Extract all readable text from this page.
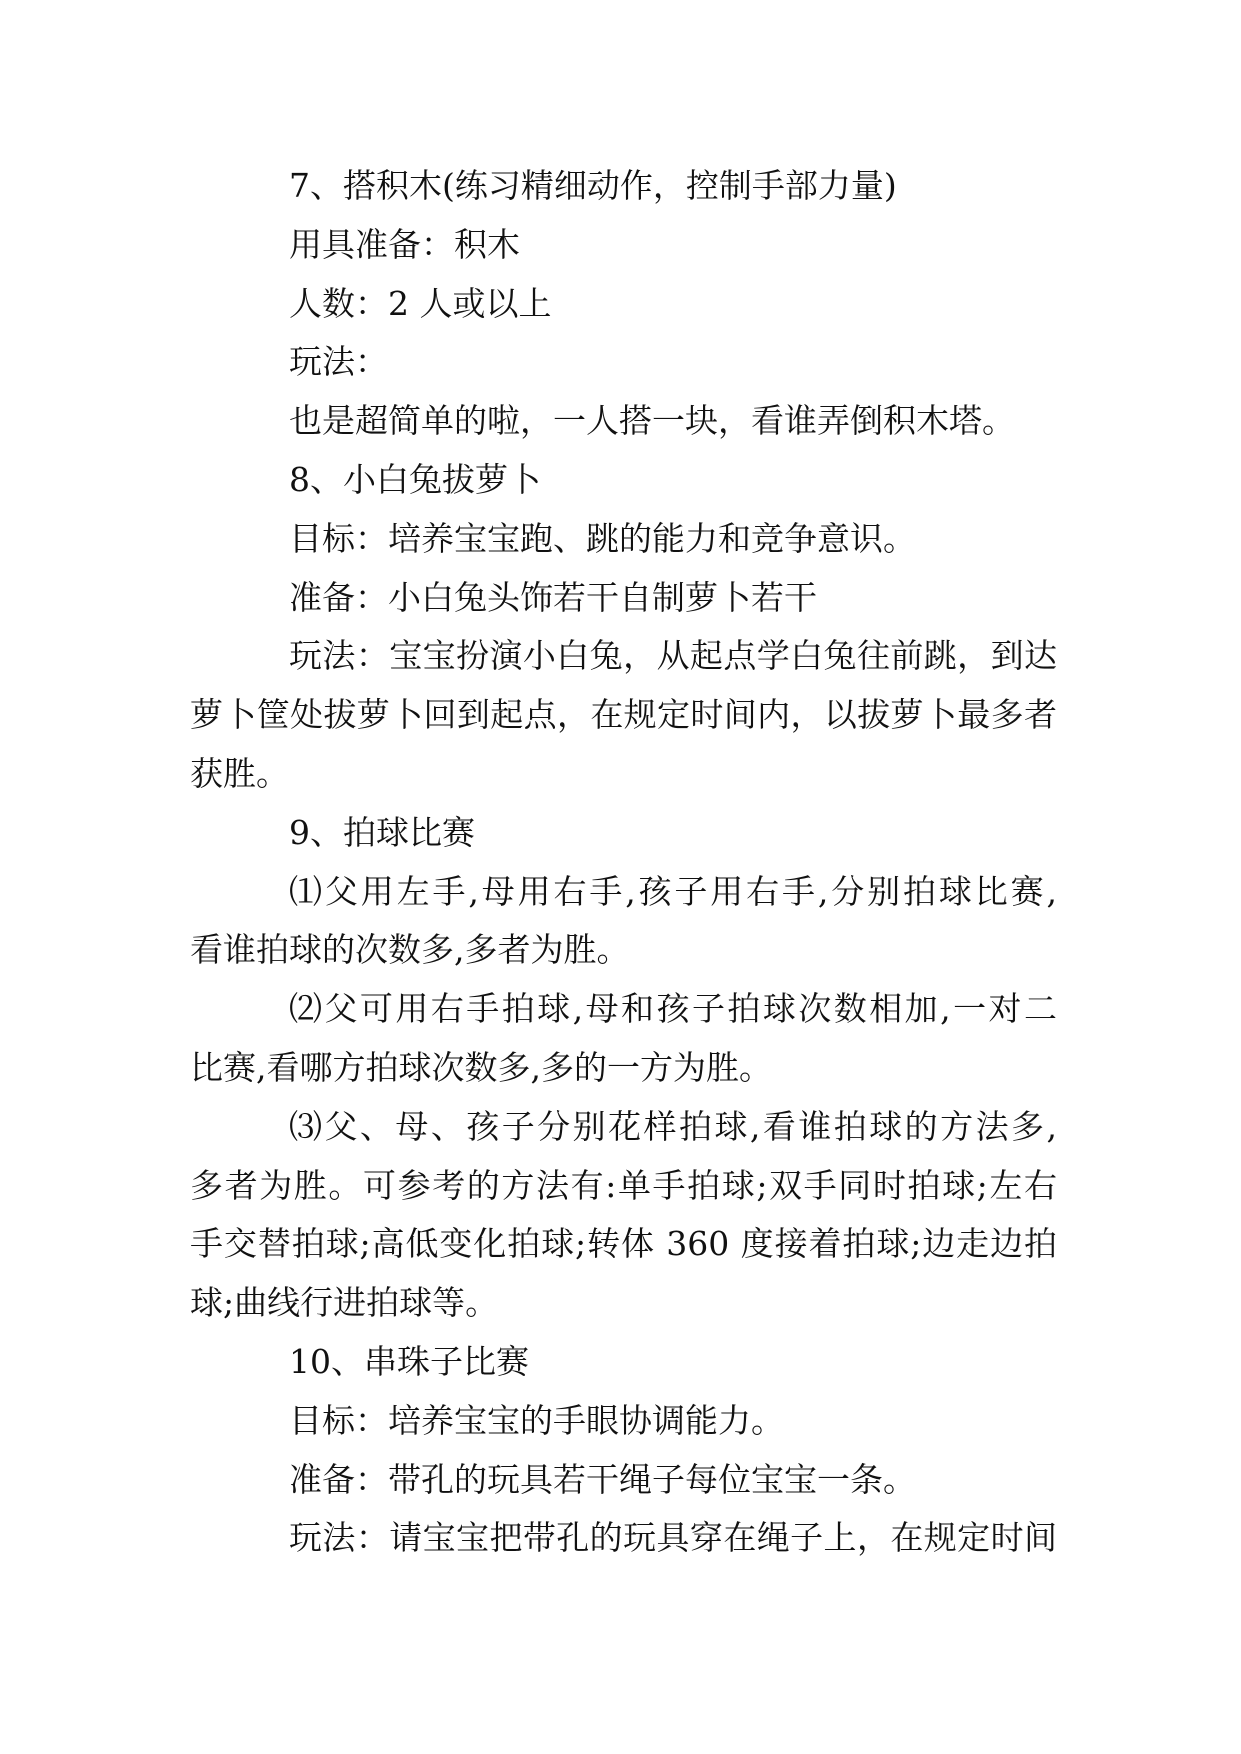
7、搭积木(练习精细动作，控制手部力量)
用具准备：积木
人数：2 人或以上
玩法：
也是超简单的啦，一人搭一块，看谁弄倒积木塔。
8、小白兔拔萝卜
目标：培养宝宝跑、跳的能力和竞争意识。
准备：小白兔头饰若干自制萝卜若干
玩法：宝宝扮演小白兔，从起点学白兔往前跳，到达
萝卜筐处拔萝卜回到起点，在规定时间内，以拔萝卜最多者
获胜。
9、拍球比赛
⑴父用左手,母用右手,孩子用右手,分别拍球比赛,
看谁拍球的次数多,多者为胜。
⑵父可用右手拍球,母和孩子拍球次数相加,一对二
比赛,看哪方拍球次数多,多的一方为胜。
⑶父、母、孩子分别花样拍球,看谁拍球的方法多,
多者为胜。可参考的方法有:单手拍球;双手同时拍球;左右
手交替拍球;高低变化拍球;转体 360 度接着拍球;边走边拍
球;曲线行进拍球等。
10、串珠子比赛
目标：培养宝宝的手眼协调能力。
准备：带孔的玩具若干绳子每位宝宝一条。
玩法：请宝宝把带孔的玩具穿在绳子上，在规定时间
